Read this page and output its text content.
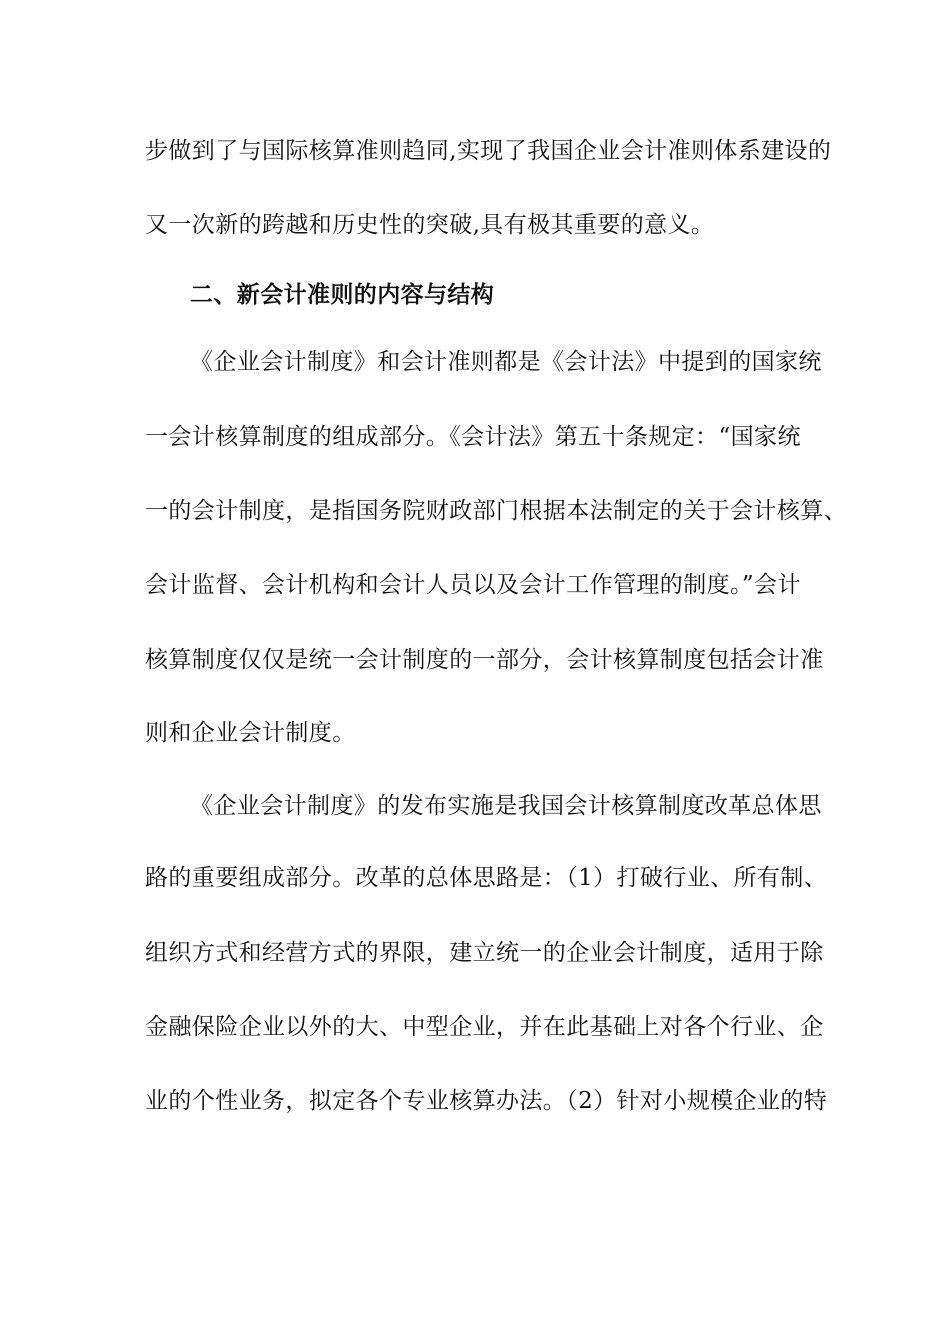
步做到了与国际核算准则趋同,实现了我国企业会计准则体系建设的
又一次新的跨越和历史性的突破,具有极其重要的意义。
二、新会计准则的内容与结构
《企业会计制度》和会计准则都是《会计法》中提到的国家统
一会计核算制度的组成部分。《会计法》第五十条规定：“国家统
一的会计制度，是指国务院财政部门根据本法制定的关于会计核算、
会计监督、会计机构和会计人员以及会计工作管理的制度。”会计
核算制度仅仅是统一会计制度的一部分，会计核算制度包括会计准
则和企业会计制度。
《企业会计制度》的发布实施是我国会计核算制度改革总体思
路的重要组成部分。改革的总体思路是：（1）打破行业、所有制、
组织方式和经营方式的界限，建立统一的企业会计制度，适用于除
金融保险企业以外的大、中型企业，并在此基础上对各个行业、企
业的个性业务，拟定各个专业核算办法。（2）针对小规模企业的特
